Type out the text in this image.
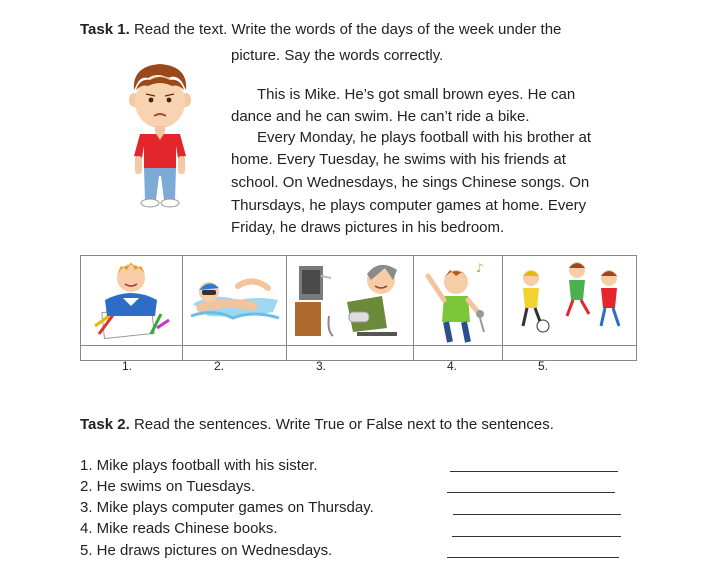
Task 1. Read the text. Write the words of the days of the week under the
picture. Say the words correctly.
This is Mike. He’s got small brown eyes. He can
dance and he can swim. He can’t ride a bike.
Every Monday, he plays football with his brother at
home. Every Tuesday, he swims with his friends at
school. On Wednesdays, he sings Chinese songs. On
Thursdays, he plays computer games at home. Every
Friday, he draws pictures in his bedroom.

♪

1.	2.	3.	4.	5.
Task 2. Read the sentences. Write True or False next to the sentences.
1. Mike plays football with his sister.
2. He swims on Tuesdays.
3. Mike plays computer games on Thursday.
4. Mike reads Chinese books.
5. He draws pictures on Wednesdays.
